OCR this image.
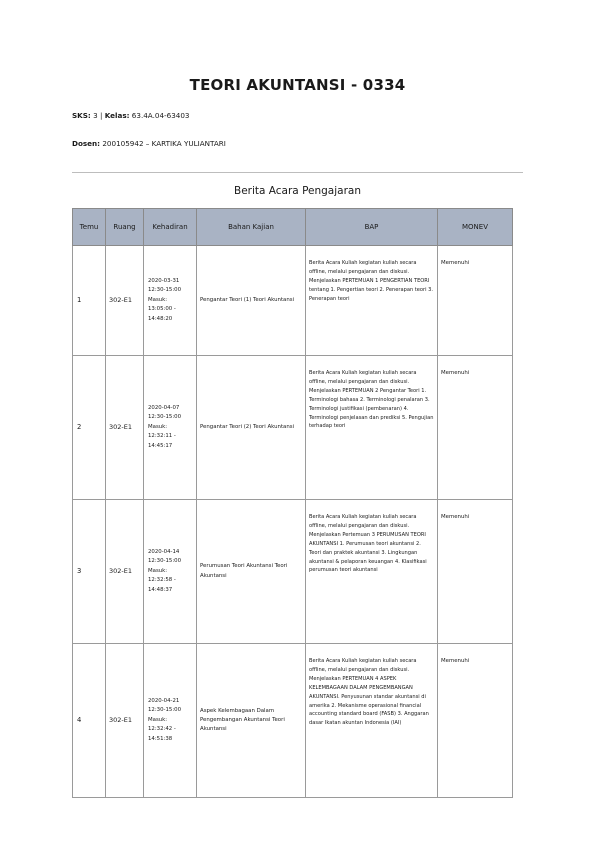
TEORI AKUNTANSI - 0334
SKS: 3 | Kelas: 63.4A.04-63403
Dosen: 200105942 – KARTIKA YULIANTARI
Berita Acara Pengajaran
Temu	Ruang	Kehadiran	Bahan Kajian	BAP	MONEV
1	302-E1	2020-03-31 12:30-15:00 Masuk: 13:05:00 - 14:48:20	Pengantar Teori (1) Teori Akuntansi	Berita Acara Kuliah kegiatan kuliah secara offline, melalui pengajaran dan diskusi. Menjelaskan PERTEMUAN 1 PENGERTIAN TEORI tentang 1. Pengertian teori 2. Penerapan teori 3. Penerapan teori	Memenuhi
2	302-E1	2020-04-07 12:30-15:00 Masuk: 12:32:11 - 14:45:17	Pengantar Teori (2) Teori Akuntansi	Berita Acara Kuliah kegiatan kuliah secara offline, melalui pengajaran dan diskusi. Menjelaskan PERTEMUAN 2 Pengantar Teori 1. Terminologi bahasa 2. Terminologi penalaran 3. Terminologi justifikasi (pembenaran) 4. Terminologi penjelasan dan prediksi 5. Pengujian terhadap teori	Memenuhi
3	302-E1	2020-04-14 12:30-15:00 Masuk: 12:32:58 - 14:48:37	Perumusan Teori Akuntansi Teori Akuntansi	Berita Acara Kuliah kegiatan kuliah secara offline, melalui pengajaran dan diskusi. Menjelaskan Pertemuan 3 PERUMUSAN TEORI AKUNTANSI 1. Perumusan teori akuntansi 2. Teori dan praktek akuntansi 3. Lingkungan akuntansi & pelaporan keuangan 4. Klasifikasi perumusan teori akuntansi	Memenuhi
4	302-E1	2020-04-21 12:30-15:00 Masuk: 12:32:42 - 14:51:38	Aspek Kelembagaan Dalam Pengembangan Akuntansi Teori Akuntansi	Berita Acara Kuliah kegiatan kuliah secara offline, melalui pengajaran dan diskusi. Menjelaskan PERTEMUAN 4 ASPEK KELEMBAGAAN DALAM PENGEMBANGAN AKUNTANSI. Penyusunan standar akuntansi di amerika 2. Mekanisme operasional financial accounting standard board (FASB) 3. Anggaran dasar Ikatan akuntan Indonesia (IAI)	Memenuhi
